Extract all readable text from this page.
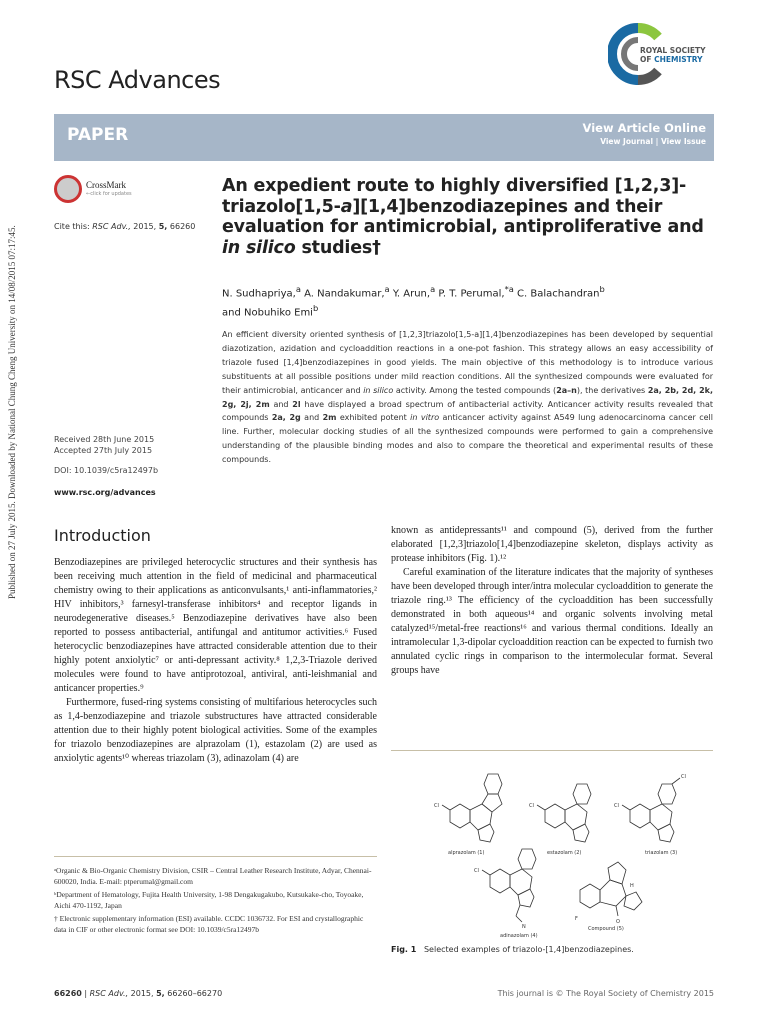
Published on 27 July 2015. Downloaded by National Chung Cheng University on 14/08/2015 07:17:45.
RSC Advances
ROYAL SOCIETY
OF CHEMISTRY
PAPER	View Article Online
View Journal | View Issue
CrossMark
←click for updates
Cite this: RSC Adv., 2015, 5, 66260
Received 28th June 2015
Accepted 27th July 2015
DOI: 10.1039/c5ra12497b
www.rsc.org/advances
An expedient route to highly diversified [1,2,3]-triazolo[1,5-a][1,4]benzodiazepines and their evaluation for antimicrobial, antiproliferative and in silico studies†
N. Sudhapriya,$^a$ A. Nandakumar,$^a$ Y. Arun,$^a$ P. T. Perumal,$^{*a}$ C. Balachandran$^b$
and Nobuhiko Emi$^b$
An efficient diversity oriented synthesis of [1,2,3]triazolo[1,5-a][1,4]benzodiazepines has been developed by sequential diazotization, azidation and cycloaddition reactions in a one-pot fashion. This strategy allows an easy accessibility of triazole fused [1,4]benzodiazepines in good yields. The main objective of this methodology is to introduce various substituents at all possible positions under mild reaction conditions. All the synthesized compounds were evaluated for their antimicrobial, anticancer and in silico activity. Among the tested compounds (2a–n), the derivatives 2a, 2b, 2d, 2k, 2g, 2j, 2m and 2l have displayed a broad spectrum of antibacterial activity. Anticancer activity results revealed that compounds 2a, 2g and 2m exhibited potent in vitro anticancer activity against A549 lung adenocarcinoma cancer cell line. Further, molecular docking studies of all the synthesized compounds were performed to gain a comprehensive understanding of the plausible binding modes and also to compare the theoretical and experimental results of these compounds.
Introduction

Benzodiazepines are privileged heterocyclic structures and their synthesis has been receiving much attention in the field of medicinal and pharmaceutical chemistry owing to their applications as anticonvulsants,¹ anti-inflammatories,² HIV inhibitors,³ farnesyl-transferase inhibitors⁴ and receptor ligands in neurodegenerative diseases.⁵ Benzodiazepine derivatives have also been reported to possess antibacterial, antifungal and antitumor activities.⁶ Fused heterocyclic benzodiazepines have attracted considerable attention due to their highly potent anxiolytic⁷ or anti-depressant activity.⁸ 1,2,3-Triazole derived molecules were found to have antiprotozoal, antiviral, anti-leishmanial and anticancer properties.⁹

Furthermore, fused-ring systems consisting of multifarious heterocycles such as 1,4-benzodiazepine and triazole substructures have attracted considerable attention due to their highly potent biological activities. Some of the examples for triazolo benzodiazepines are alprazolam (1), estazolam (2) are used as anxiolytic agents¹⁰ whereas triazolam (3), adinazolam (4) are

known as antidepressants¹¹ and compound (5), derived from the further elaborated [1,2,3]triazolo[1,4]benzodiazepine skeleton, displays activity as protease inhibitors (Fig. 1).¹²

Careful examination of the literature indicates that the majority of syntheses have been developed through inter/intra molecular cycloaddition to generate the triazole ring.¹³ The efficiency of the cycloaddition has been successfully demonstrated in both aqueous¹⁴ and organic solvents involving metal catalyzed¹⁵/metal-free reactions¹⁶ and various thermal conditions. Ideally an intramolecular 1,3-dipolar cycloaddition reaction can be expected to furnish two annulated cyclic rings in comparison to the intermolecular format. Several groups have

ᵃOrganic & Bio-Organic Chemistry Division, CSIR – Central Leather Research Institute, Adyar, Chennai-600020, India. E-mail: ptperumal@gmail.com

ᵇDepartment of Hematology, Fujita Health University, 1-98 Dengakugakubo, Kutsukake-cho, Toyoake, Aichi 470-1192, Japan

† Electronic supplementary information (ESI) available. CCDC 1036732. For ESI and crystallographic data in CIF or other electronic format see DOI: 10.1039/c5ra12497b

Cl	Cl	Cl
Cl
Cl
N
F
H
O
alprazolam (1)	estazolam (2)	triazolam (3)
adinazolam (4)
Compound (5)
Fig. 1 Selected examples of triazolo-[1,4]benzodiazepines.
66260 | RSC Adv., 2015, 5, 66260–66270	This journal is © The Royal Society of Chemistry 2015
